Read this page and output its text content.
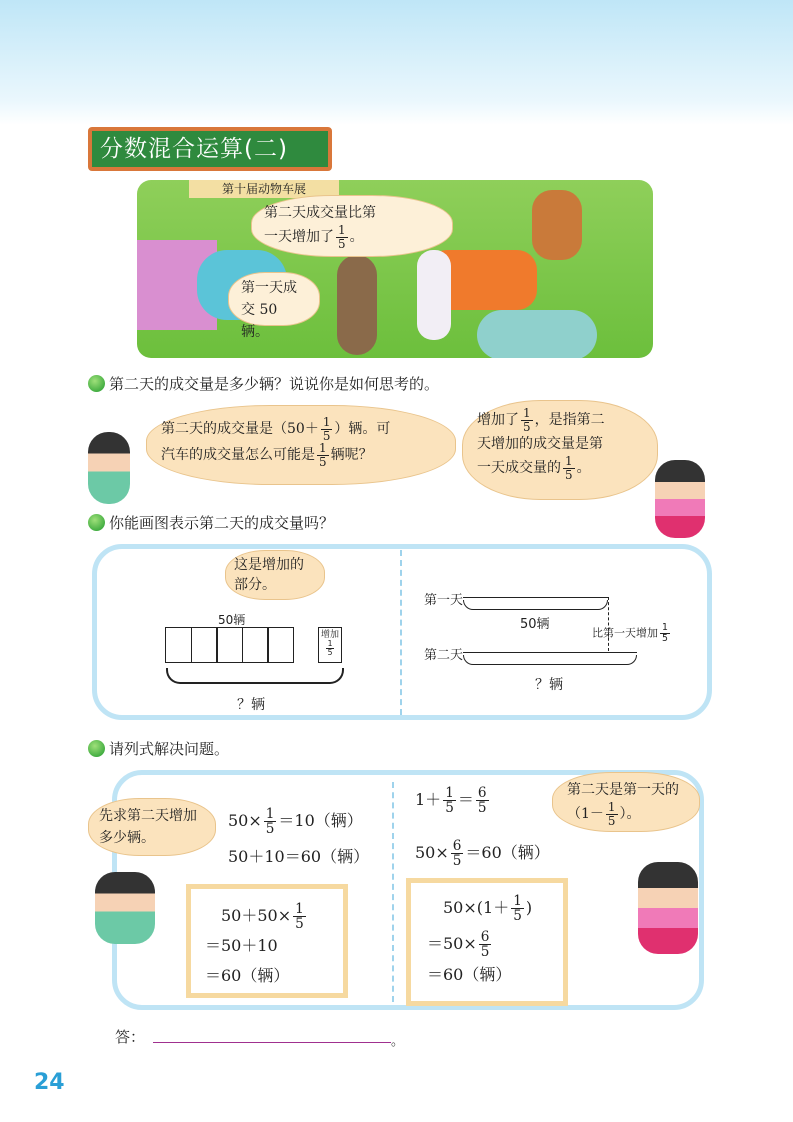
分数混合运算(二)
第十届动物车展
第二天成交量比第
一天增加了 $\frac{1}{5}$ 。
第一天成
交 50 辆。
第二天的成交量是多少辆？说说你是如何思考的。
第二天的成交量是（$50+ \frac{1}{5}$ ）辆。可
汽车的成交量怎么可能是 $\frac{1}{5}$ 辆呢？
增加了 $\frac{1}{5}$ ，是指第二
天增加的成交量是第
一天成交量的 $\frac{1}{5}$ 。
你能画图表示第二天的成交量吗？
这是增加的部分。
50辆
增加
$\frac{1}{5}$
？辆
第一天
50辆
比第一天增加 $\frac{1}{5}$
第二天
？辆
请列式解决问题。
先求第二天增加多少辆。
第二天是第一天的（$1- \frac{1}{5}$ ）。
$50\times \frac{1}{5} =10$（辆）
50＋10＝60（辆）
$50+50\times \frac{1}{5}$
＝50＋10
＝60（辆）
$1+ \frac{1}{5} = \frac{6}{5}$
$50\times \frac{6}{5} =60$（辆）
$50\times(1+ \frac{1}{5}$ )
$=50\times \frac{6}{5}$
＝60（辆）
答：	。
24
